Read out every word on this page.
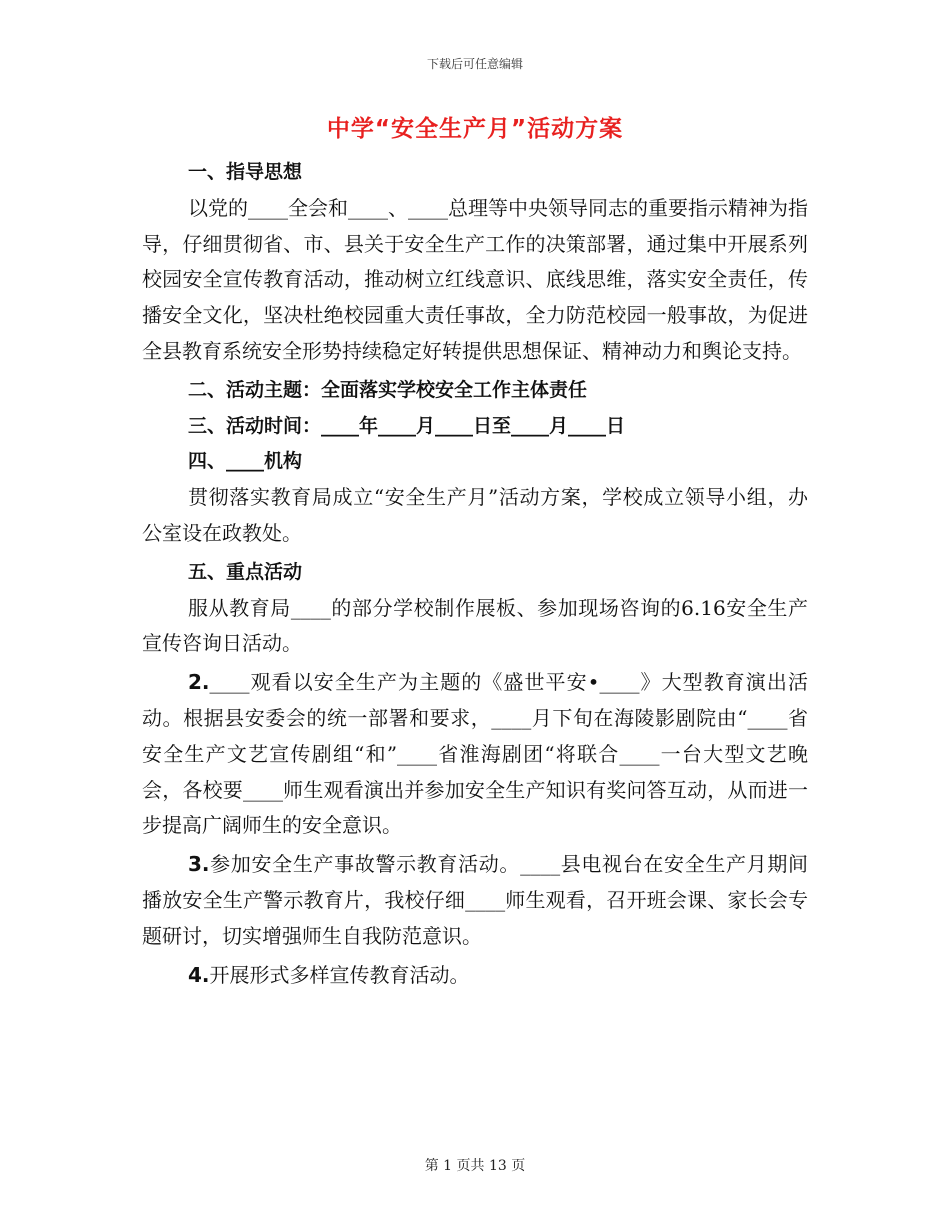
下载后可任意编辑
中学“安全生产月”活动方案
一、指导思想
以党的____全会和____、____总理等中央领导同志的重要指示精神为指导，仔细贯彻省、市、县关于安全生产工作的决策部署，通过集中开展系列校园安全宣传教育活动，推动树立红线意识、底线思维，落实安全责任，传播安全文化，坚决杜绝校园重大责任事故，全力防范校园一般事故，为促进全县教育系统安全形势持续稳定好转提供思想保证、精神动力和舆论支持。
二、活动主题：全面落实学校安全工作主体责任
三、活动时间：____年____月____日至____月____日
四、____机构
贯彻落实教育局成立“安全生产月”活动方案，学校成立领导小组，办公室设在政教处。
五、重点活动
服从教育局____的部分学校制作展板、参加现场咨询的6.16安全生产宣传咨询日活动。
2.____观看以安全生产为主题的《盛世平安•____》大型教育演出活动。根据县安委会的统一部署和要求，____月下旬在海陵影剧院由“____省安全生产文艺宣传剧组“和”____省淮海剧团“将联合____一台大型文艺晚会，各校要____师生观看演出并参加安全生产知识有奖问答互动，从而进一步提高广阔师生的安全意识。
3.参加安全生产事故警示教育活动。____县电视台在安全生产月期间播放安全生产警示教育片，我校仔细____师生观看，召开班会课、家长会专题研讨，切实增强师生自我防范意识。
4.开展形式多样宣传教育活动。
第 1 页共 13 页
